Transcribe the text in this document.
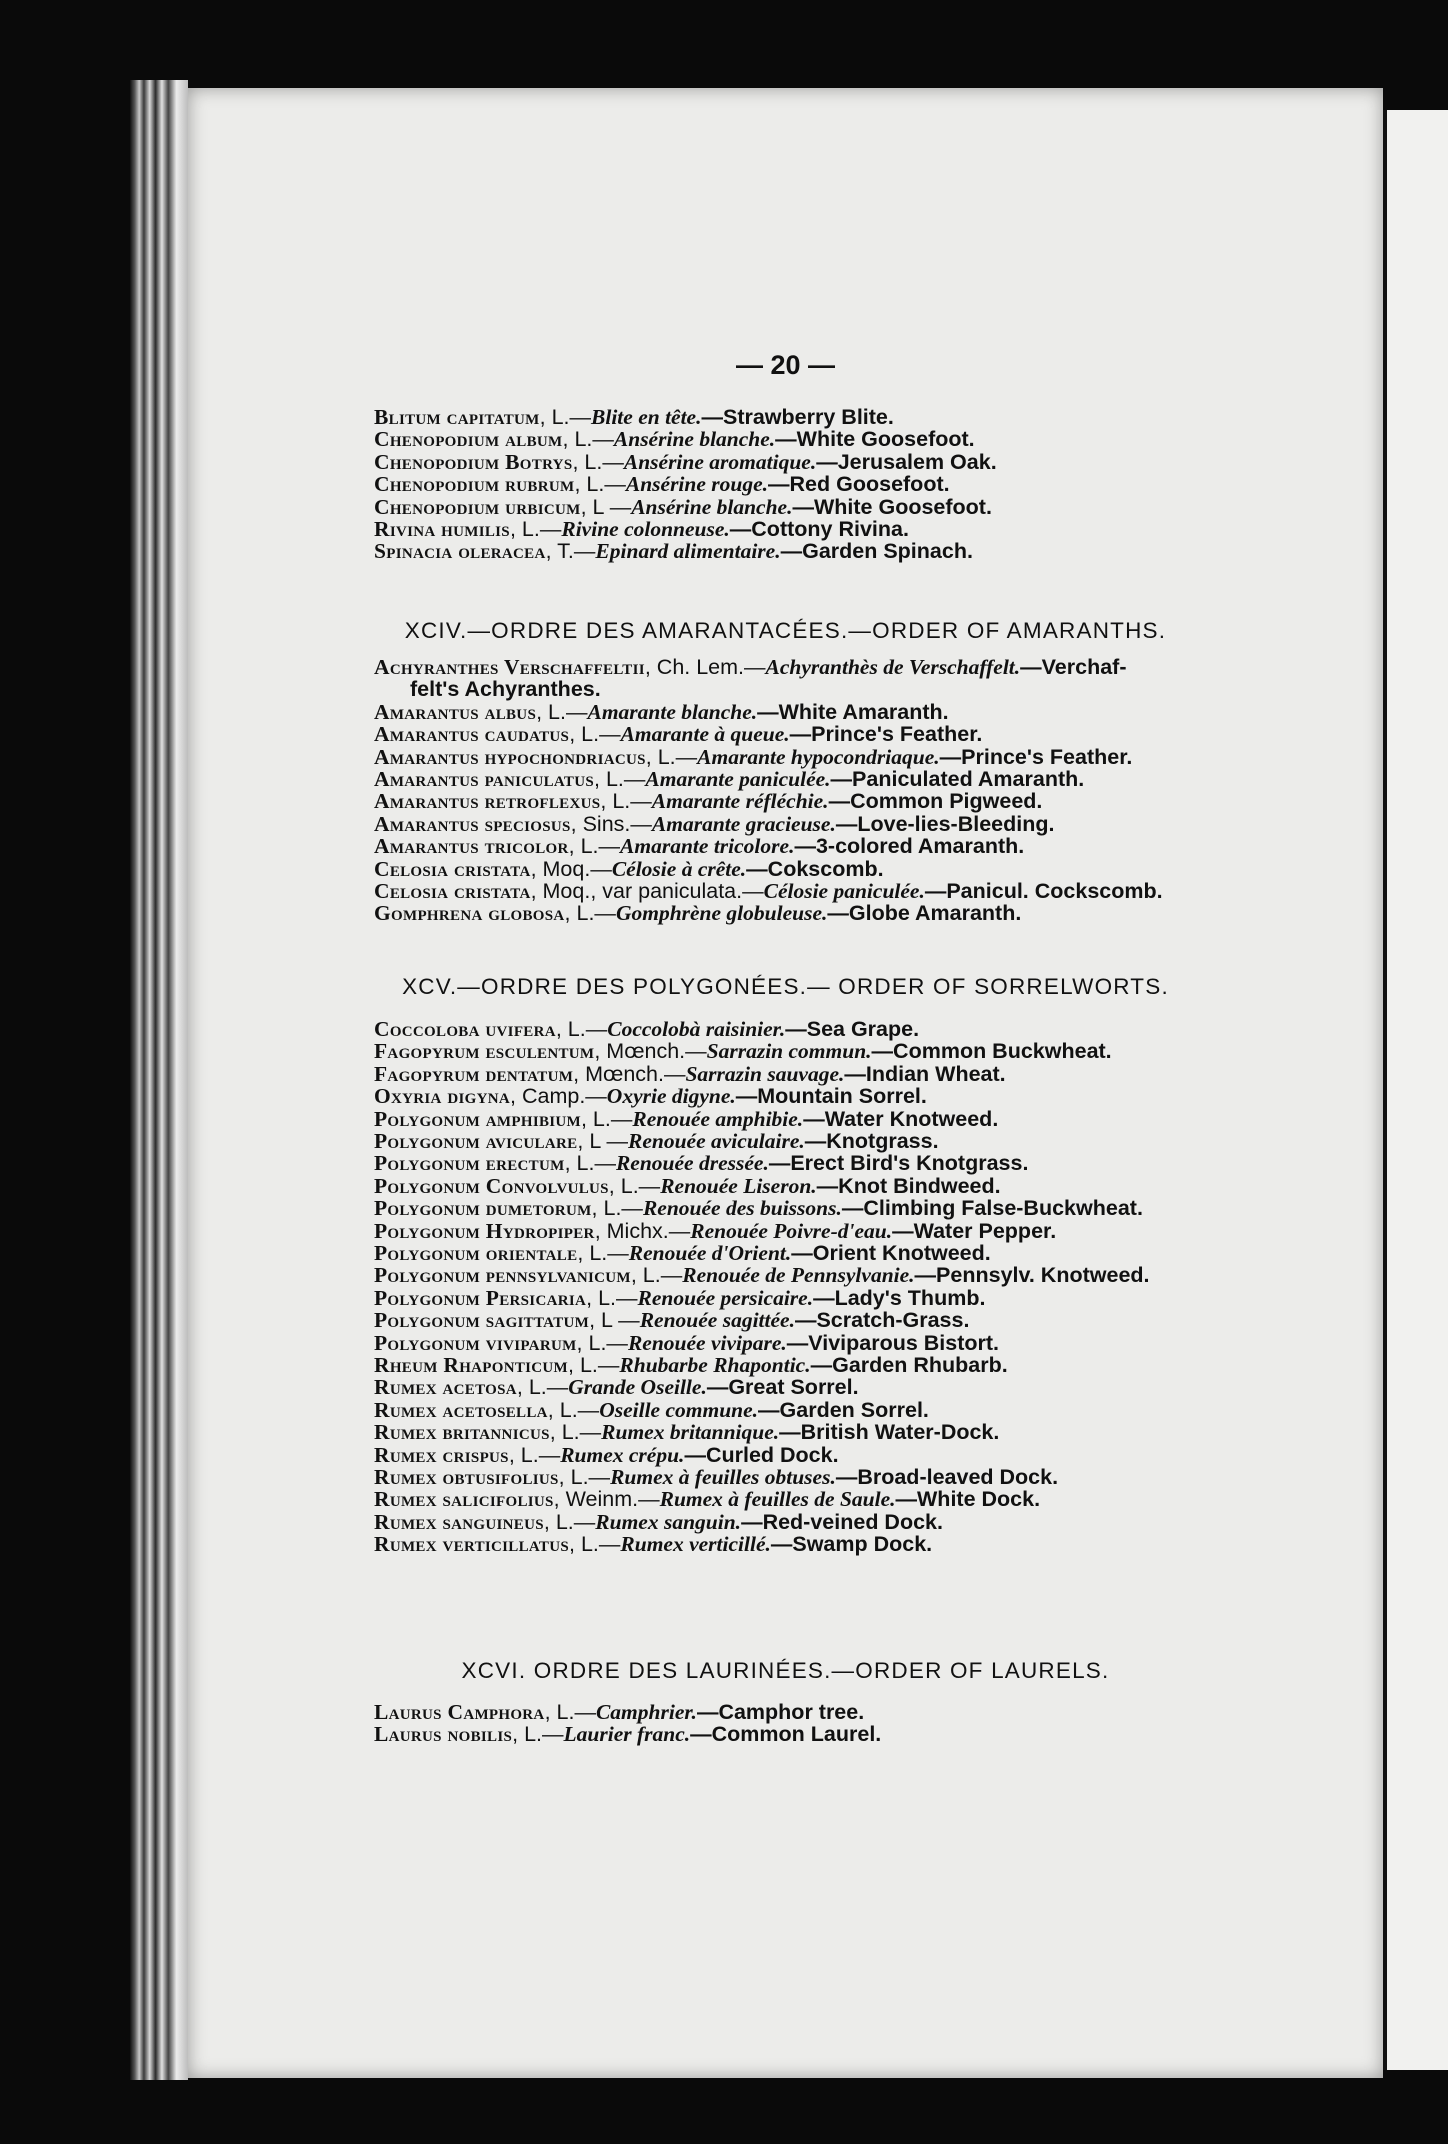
— 20 —
Blitum capitatum, L.—Blite en tête.—Strawberry Blite.
Chenopodium album, L.—Ansérine blanche.—White Goosefoot.
Chenopodium Botrys, L.—Ansérine aromatique.—Jerusalem Oak.
Chenopodium rubrum, L.—Ansérine rouge.—Red Goosefoot.
Chenopodium urbicum, L —Ansérine blanche.—White Goosefoot.
Rivina humilis, L.—Rivine colonneuse.—Cottony Rivina.
Spinacia oleracea, T.—Epinard alimentaire.—Garden Spinach.
XCIV.—ORDRE DES AMARANTACÉES.—ORDER OF AMARANTHS.
Achyranthes Verschaffeltii, Ch. Lem.—Achyranthès de Verschaffelt.—Verchaf-
felt's Achyranthes.
Amarantus albus, L.—Amarante blanche.—White Amaranth.
Amarantus caudatus, L.—Amarante à queue.—Prince's Feather.
Amarantus hypochondriacus, L.—Amarante hypocondriaque.—Prince's Feather.
Amarantus paniculatus, L.—Amarante paniculée.—Paniculated Amaranth.
Amarantus retroflexus, L.—Amarante réfléchie.—Common Pigweed.
Amarantus speciosus, Sins.—Amarante gracieuse.—Love-lies-Bleeding.
Amarantus tricolor, L.—Amarante tricolore.—3-colored Amaranth.
Celosia cristata, Moq.—Célosie à crête.—Cokscomb.
Celosia cristata, Moq., var paniculata.—Célosie paniculée.—Panicul. Cockscomb.
Gomphrena globosa, L.—Gomphrène globuleuse.—Globe Amaranth.
XCV.—ORDRE DES POLYGONÉES.— ORDER OF SORRELWORTS.
Coccoloba uvifera, L.—Coccolobà raisinier.—Sea Grape.
Fagopyrum esculentum, Mœnch.—Sarrazin commun.—Common Buckwheat.
Fagopyrum dentatum, Mœnch.—Sarrazin sauvage.—Indian Wheat.
Oxyria digyna, Camp.—Oxyrie digyne.—Mountain Sorrel.
Polygonum amphibium, L.—Renouée amphibie.—Water Knotweed.
Polygonum aviculare, L —Renouée aviculaire.—Knotgrass.
Polygonum erectum, L.—Renouée dressée.—Erect Bird's Knotgrass.
Polygonum Convolvulus, L.—Renouée Liseron.—Knot Bindweed.
Polygonum dumetorum, L.—Renouée des buissons.—Climbing False-Buckwheat.
Polygonum Hydropiper, Michx.—Renouée Poivre-d'eau.—Water Pepper.
Polygonum orientale, L.—Renouée d'Orient.—Orient Knotweed.
Polygonum pennsylvanicum, L.—Renouée de Pennsylvanie.—Pennsylv. Knotweed.
Polygonum Persicaria, L.—Renouée persicaire.—Lady's Thumb.
Polygonum sagittatum, L —Renouée sagittée.—Scratch-Grass.
Polygonum viviparum, L.—Renouée vivipare.—Viviparous Bistort.
Rheum Rhaponticum, L.—Rhubarbe Rhapontic.—Garden Rhubarb.
Rumex acetosa, L.—Grande Oseille.—Great Sorrel.
Rumex acetosella, L.—Oseille commune.—Garden Sorrel.
Rumex britannicus, L.—Rumex britannique.—British Water-Dock.
Rumex crispus, L.—Rumex crépu.—Curled Dock.
Rumex obtusifolius, L.—Rumex à feuilles obtuses.—Broad-leaved Dock.
Rumex salicifolius, Weinm.—Rumex à feuilles de Saule.—White Dock.
Rumex sanguineus, L.—Rumex sanguin.—Red-veined Dock.
Rumex verticillatus, L.—Rumex verticillé.—Swamp Dock.
XCVI. ORDRE DES LAURINÉES.—ORDER OF LAURELS.
Laurus Camphora, L.—Camphrier.—Camphor tree.
Laurus nobilis, L.—Laurier franc.—Common Laurel.
